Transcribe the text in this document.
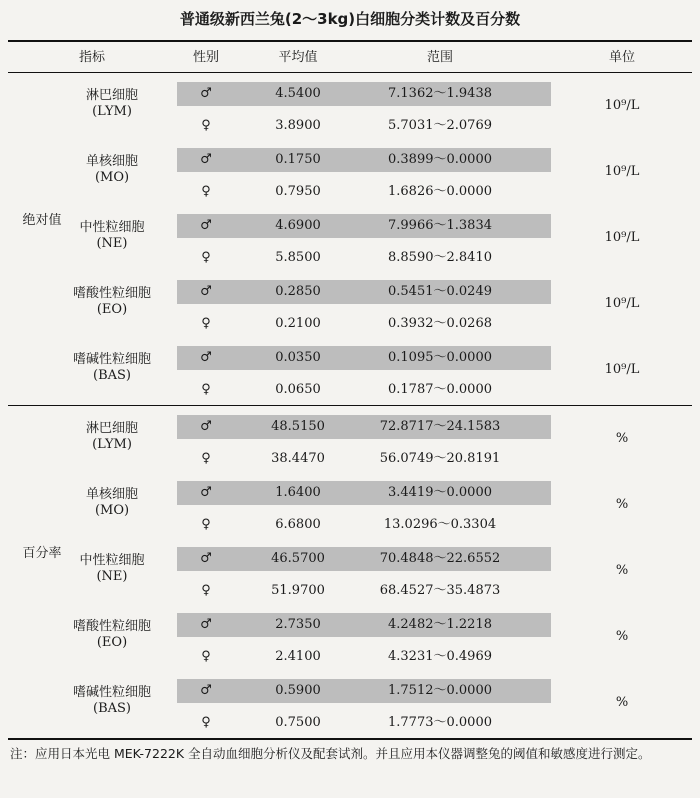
普通级新西兰兔(2～3kg)白细胞分类计数及百分数
指标	性别	平均值	范围	单位
绝对值
淋巴细胞
(LYM)	10⁹/L
♂	4.5400	7.1362～1.9438
♀	3.8900	5.7031～2.0769
单核细胞
(MO)	10⁹/L
♂	0.1750	0.3899～0.0000
♀	0.7950	1.6826～0.0000
中性粒细胞
(NE)	10⁹/L
♂	4.6900	7.9966～1.3834
♀	5.8500	8.8590～2.8410
嗜酸性粒细胞
(EO)	10⁹/L
♂	0.2850	0.5451～0.0249
♀	0.2100	0.3932～0.0268
嗜碱性粒细胞
(BAS)	10⁹/L
♂	0.0350	0.1095～0.0000
♀	0.0650	0.1787～0.0000
百分率
淋巴细胞
(LYM)	%
♂	48.5150	72.8717～24.1583
♀	38.4470	56.0749～20.8191
单核细胞
(MO)	%
♂	1.6400	3.4419～0.0000
♀	6.6800	13.0296～0.3304
中性粒细胞
(NE)	%
♂	46.5700	70.4848～22.6552
♀	51.9700	68.4527～35.4873
嗜酸性粒细胞
(EO)	%
♂	2.7350	4.2482～1.2218
♀	2.4100	4.3231～0.4969
嗜碱性粒细胞
(BAS)	%
♂	0.5900	1.7512～0.0000
♀	0.7500	1.7773～0.0000
注：应用日本光电 MEK-7222K 全自动血细胞分析仪及配套试剂。并且应用本仪器调整兔的阈值和敏感度进行测定。
